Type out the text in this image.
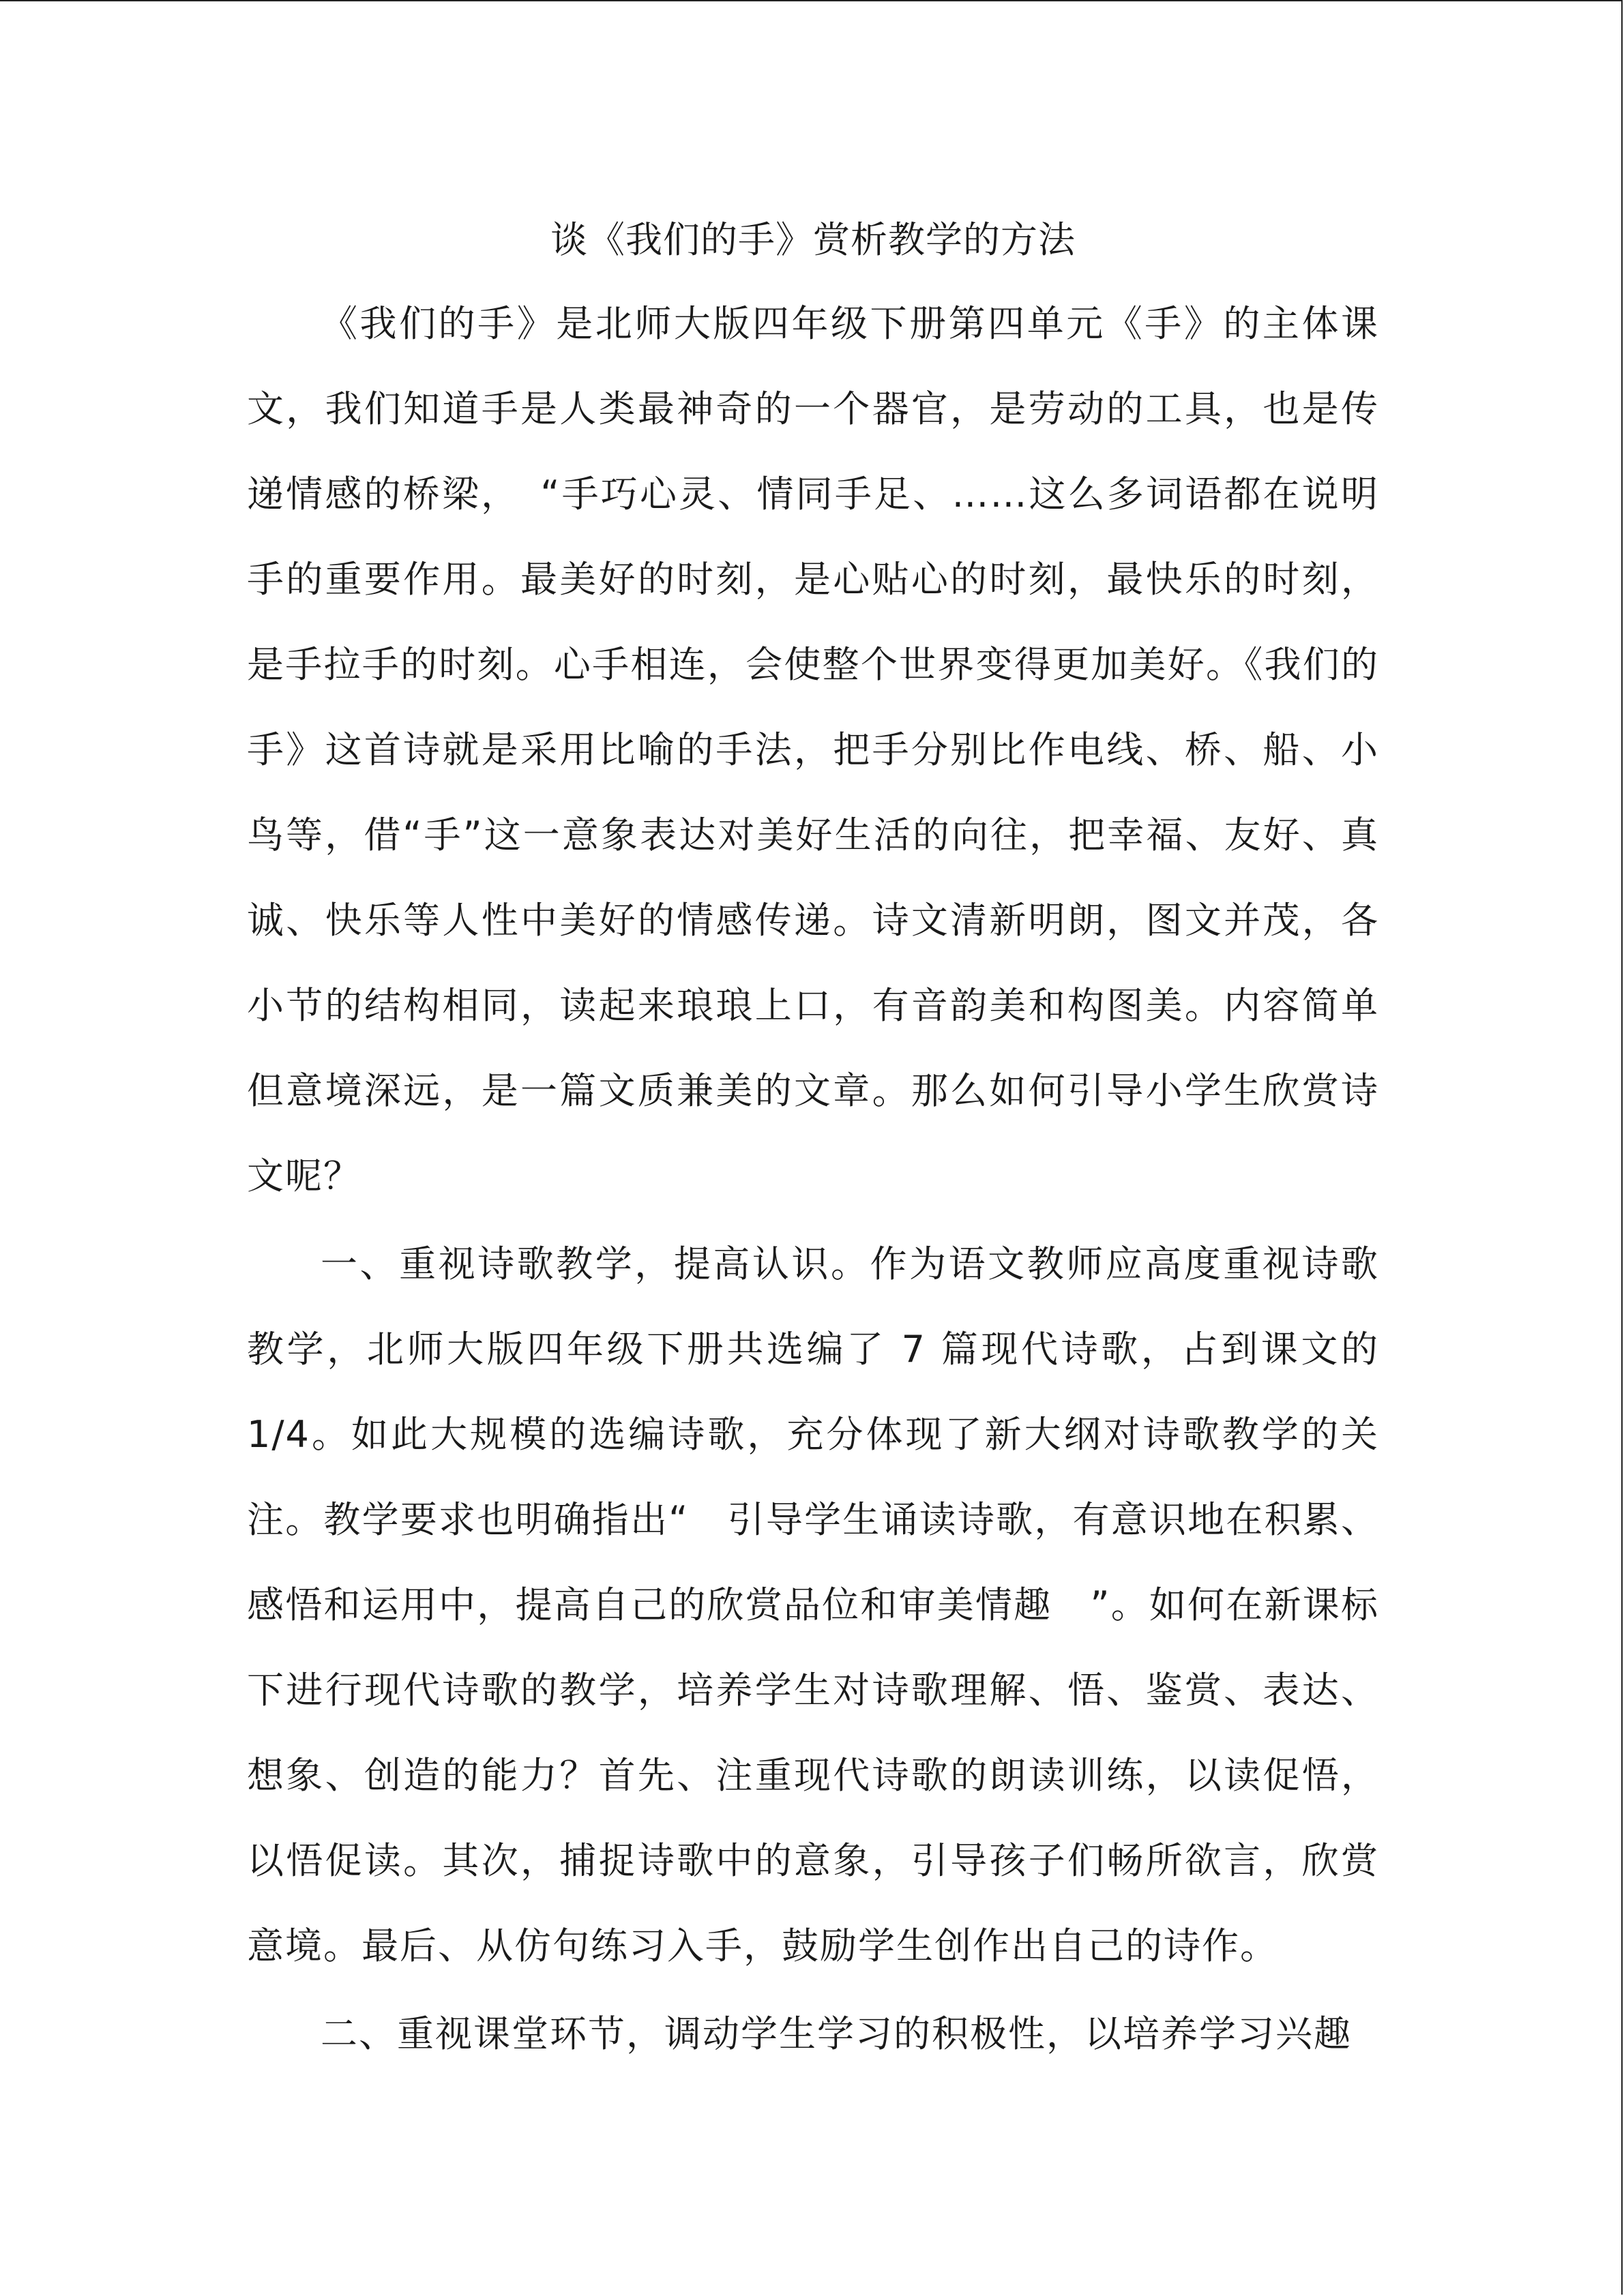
谈《我们的手》赏析教学的方法

《我们的手》是北师大版四年级下册第四单元《手》的主体课文，我们知道手是人类最神奇的一个器官，是劳动的工具，也是传递情感的桥梁，　“手巧心灵、情同手足、……这么多词语都在说明手的重要作用。最美好的时刻，是心贴心的时刻，最快乐的时刻，是手拉手的时刻。心手相连，会使整个世界变得更加美好。《我们的手》这首诗就是采用比喻的手法，把手分别比作电线、桥、船、小鸟等，借“手”这一意象表达对美好生活的向往，把幸福、友好、真诚、快乐等人性中美好的情感传递。诗文清新明朗，图文并茂，各小节的结构相同，读起来琅琅上口，有音韵美和构图美。内容简单但意境深远，是一篇文质兼美的文章。那么如何引导小学生欣赏诗文呢？

一、重视诗歌教学，提高认识。作为语文教师应高度重视诗歌教学，北师大版四年级下册共选编了 7 篇现代诗歌，占到课文的 1/4。如此大规模的选编诗歌，充分体现了新大纲对诗歌教学的关注。教学要求也明确指出“　引导学生诵读诗歌，有意识地在积累、感悟和运用中，提高自己的欣赏品位和审美情趣　”。如何在新课标下进行现代诗歌的教学，培养学生对诗歌理解、悟、鉴赏、表达、想象、创造的能力？首先、注重现代诗歌的朗读训练，以读促悟，以悟促读。其次，捕捉诗歌中的意象，引导孩子们畅所欲言，欣赏意境。最后、从仿句练习入手，鼓励学生创作出自己的诗作。

二、重视课堂环节，调动学生学习的积极性，以培养学习兴趣
